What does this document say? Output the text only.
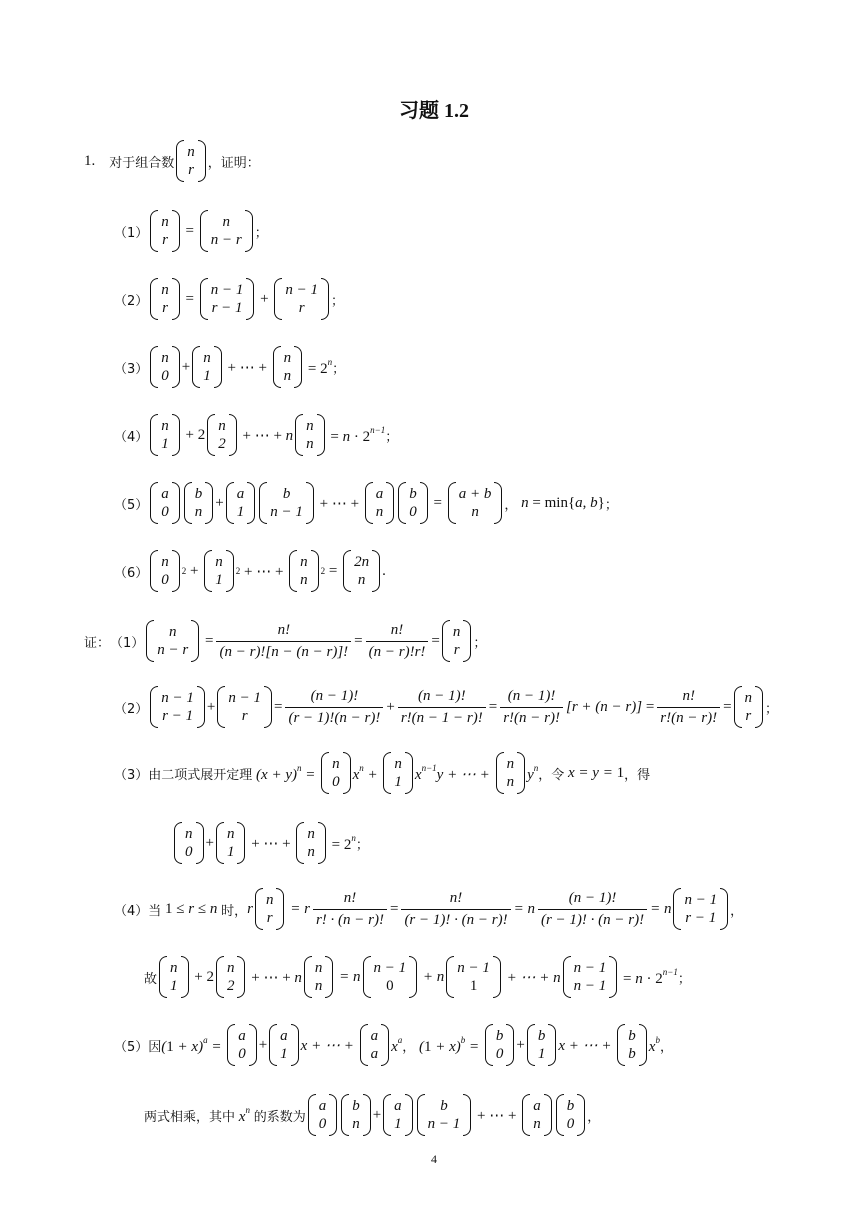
习题 1.2
1. 对于组合数
n
r ，证明：
（1）
n
r
=
n
n − r ；
（2）
n
r
=
n − 1
r − 1
+
n − 1
r ；
（3）
n
0
+
n
1
+ ⋯ +
n
$n = 2^n$ ；
（4）
n
1
+ 2
n
2
+ ⋯ + n
n
$n = n \cdot 2^{n-1}$ ；
（5）
a
0
b
n
+
a
1
b
n − 1
+ ⋯ +
a
n
b
0
=
a + b
n ， n = min{a, b} ；
（6）
n
0
2 +
n
1
2 + ⋯ +
n
n
2 =
2n
n
.
证： （1）
n
n − r
= $\frac{n!}{(n - r)![n - (n - r)]!} = \frac{n!}{(n - r)!r!}$ =
n
r ；
（2）
n − 1
r − 1
+
n − 1
r
= $\frac{(n - 1)!}{(r - 1)!(n - r)!} + \frac{(n - 1)!}{r!(n - 1 - r)!} = \frac{(n - 1)!}{r!(n - r)!} [r + (n - r)] = \frac{n!}{r!(n - r)!}$ =
n
r ；
（3） 由二项式展开定理 $(x + y)^n$ =
n
0 $x^n$ +
n
1 $x^{n-1}y$ + ⋯ +
n
n $y^n$ ，令 x = y = 1 ，得
n
0
+
n
1
+ ⋯ +
n
$n = 2^n$ ；
（4） 当 1 ≤ r ≤ n 时， r
n
r
= r $\frac{n!}{r! \cdot (n - r)!} = \frac{n!}{(r - 1)! \cdot (n - r)!} = n \frac{(n - 1)!}{(r - 1)! \cdot (n - r)!} = n$
n − 1
r − 1 ，
故
n
1
+ 2
n
2
+ ⋯ + n
n
n
= n
n − 1
0
+ n
n − 1
1
+ ⋯ + n
n − 1
$n - 1 = n \cdot 2^{n-1}$ ；
（5） 因 $(1 + x)^a$ =
a
0
+
a
1
x + ⋯ +
a
a $x^a$ ， $(1 + x)^b$ =
b
0
+
b
1
x + ⋯ +
b
b $x^b$ ，
两式相乘，其中 $x^n$ 的系数为
a
0
b
n
+
a
1
b
n − 1
+ ⋯ +
a
n
b
0 ，
4
